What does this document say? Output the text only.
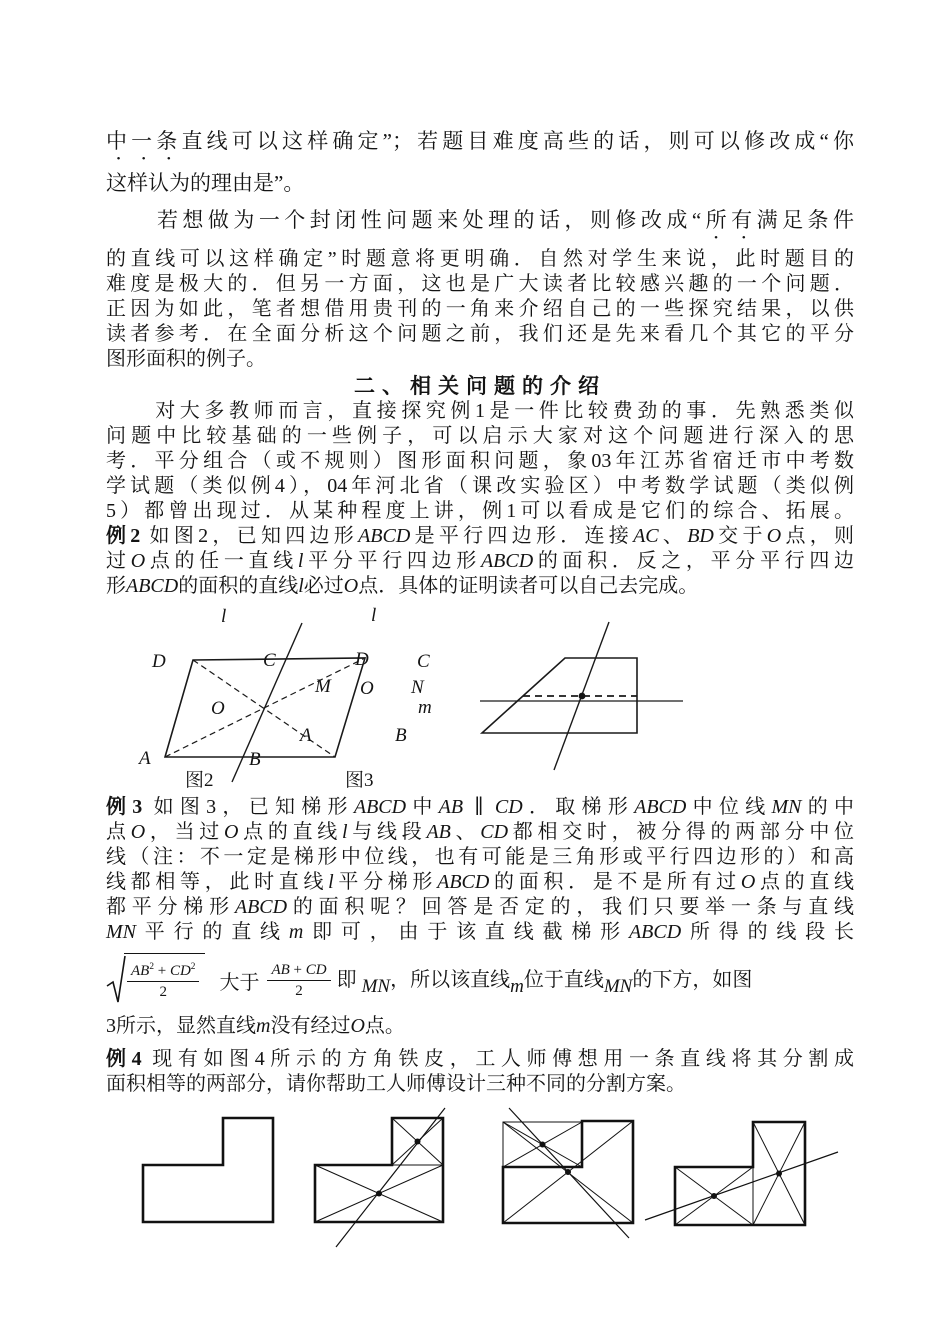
中一条直线可以这样确定”；若题目难度高些的话，则可以修改成“你
这样认为的理由是”。
　　若想做为一个封闭性问题来处理的话，则修改成“所有满足条件
的直线可以这样确定”时题意将更明确．自然对学生来说，此时题目的
难度是极大的．但另一方面，这也是广大读者比较感兴趣的一个问题．
正因为如此，笔者想借用贵刊的一角来介绍自己的一些探究结果，以供
读者参考．在全面分析这个问题之前，我们还是先来看几个其它的平分
图形面积的例子。
二、相关问题的介绍
　　对大多教师而言，直接探究例1是一件比较费劲的事．先熟悉类似
问题中比较基础的一些例子，可以启示大家对这个问题进行深入的思
考．平分组合（或不规则）图形面积问题，象03年江苏省宿迁市中考数
学试题（类似例4），04年河北省（课改实验区）中考数学试题（类似例
5）都曾出现过．从某种程度上讲，例1可以看成是它们的综合、拓展。
例2 如图2，已知四边形ABCD是平行四边形．连接AC、BD交于O点，则
过O点的任一直线l平分平行四边形ABCD的面积．反之，平分平行四边
形ABCD的面积的直线l必过O点．具体的证明读者可以自己去完成。
l
D	C
O
A	B
l
D
M O
A
C
N
m
B
图2	图3
例3 如图3，已知梯形ABCD中AB ∥ CD．取梯形ABCD中位线MN的中
点O，当过O点的直线l与线段AB、CD都相交时，被分得的两部分中位
线（注：不一定是梯形中位线，也有可能是三角形或平行四边形的）和高
线都相等，此时直线l平分梯形ABCD的面积．是不是所有过O点的直线
都平分梯形ABCD的面积呢？回答是否定的，我们只要举一条与直线
MN平行的直线m即可，由于该直线截梯形ABCD所得的线段长
$\frac{AB^2 + CD^2}{2}$ 大于 $\frac{AB + CD}{2}$ 即 MN，所以该直线m位于直线MN的下方，如图
3所示，显然直线m没有经过O点。
例4 现有如图4所示的方角铁皮，工人师傅想用一条直线将其分割成
面积相等的两部分，请你帮助工人师傅设计三种不同的分割方案。
